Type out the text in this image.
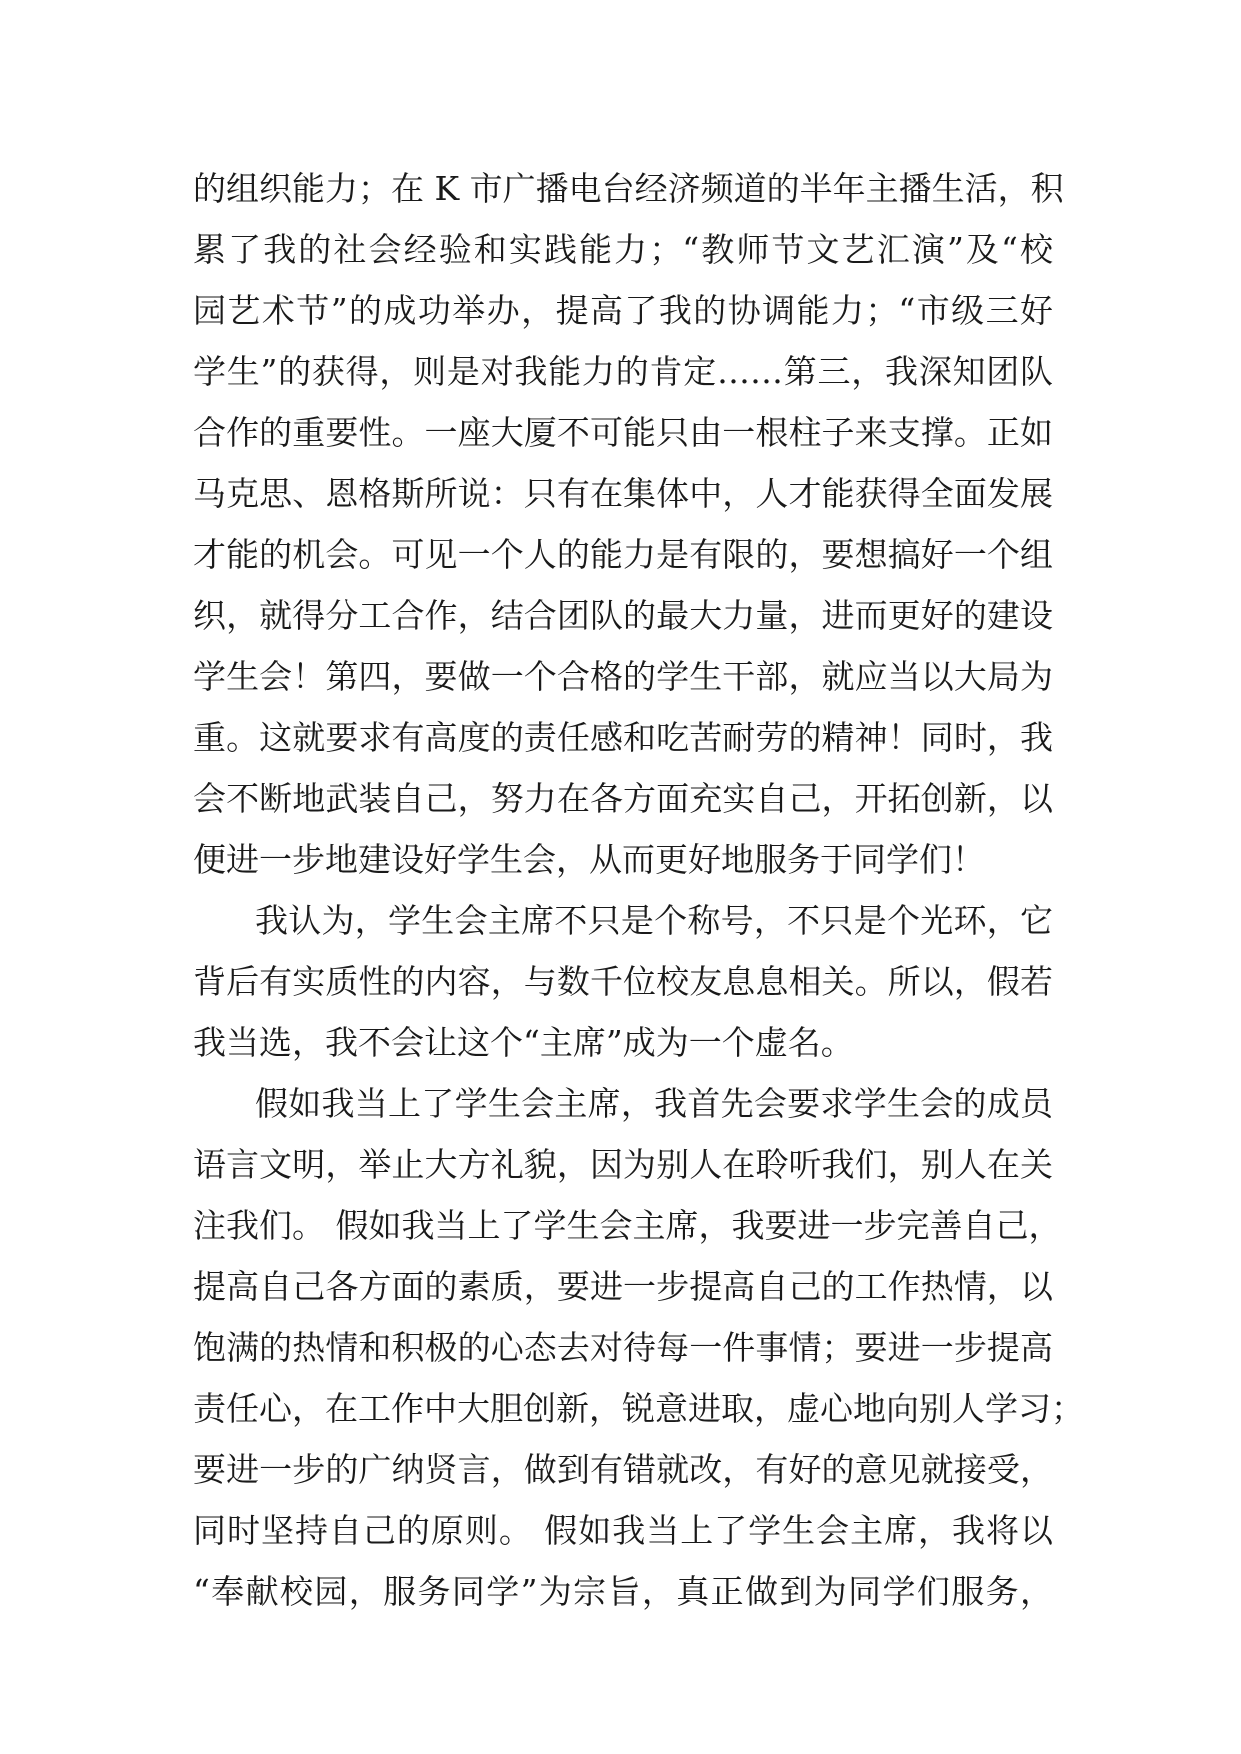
的组织能力；在 K 市广播电台经济频道的半年主播生活，积
累了我的社会经验和实践能力；“教师节文艺汇演”及“校
园艺术节”的成功举办，提高了我的协调能力；“市级三好
学生”的获得，则是对我能力的肯定……第三，我深知团队
合作的重要性。一座大厦不可能只由一根柱子来支撑。正如
马克思、恩格斯所说：只有在集体中，人才能获得全面发展
才能的机会。可见一个人的能力是有限的，要想搞好一个组
织，就得分工合作，结合团队的最大力量，进而更好的建设
学生会！第四，要做一个合格的学生干部，就应当以大局为
重。这就要求有高度的责任感和吃苦耐劳的精神！同时，我
会不断地武装自己，努力在各方面充实自己，开拓创新，以
便进一步地建设好学生会，从而更好地服务于同学们！
我认为，学生会主席不只是个称号，不只是个光环，它
背后有实质性的内容，与数千位校友息息相关。所以，假若
我当选，我不会让这个“主席”成为一个虚名。
假如我当上了学生会主席，我首先会要求学生会的成员
语言文明，举止大方礼貌，因为别人在聆听我们，别人在关
注我们。 假如我当上了学生会主席，我要进一步完善自己，
提高自己各方面的素质，要进一步提高自己的工作热情，以
饱满的热情和积极的心态去对待每一件事情；要进一步提高
责任心，在工作中大胆创新，锐意进取，虚心地向别人学习；
要进一步的广纳贤言，做到有错就改，有好的意见就接受，
同时坚持自己的原则。 假如我当上了学生会主席，我将以
“奉献校园，服务同学”为宗旨，真正做到为同学们服务，
